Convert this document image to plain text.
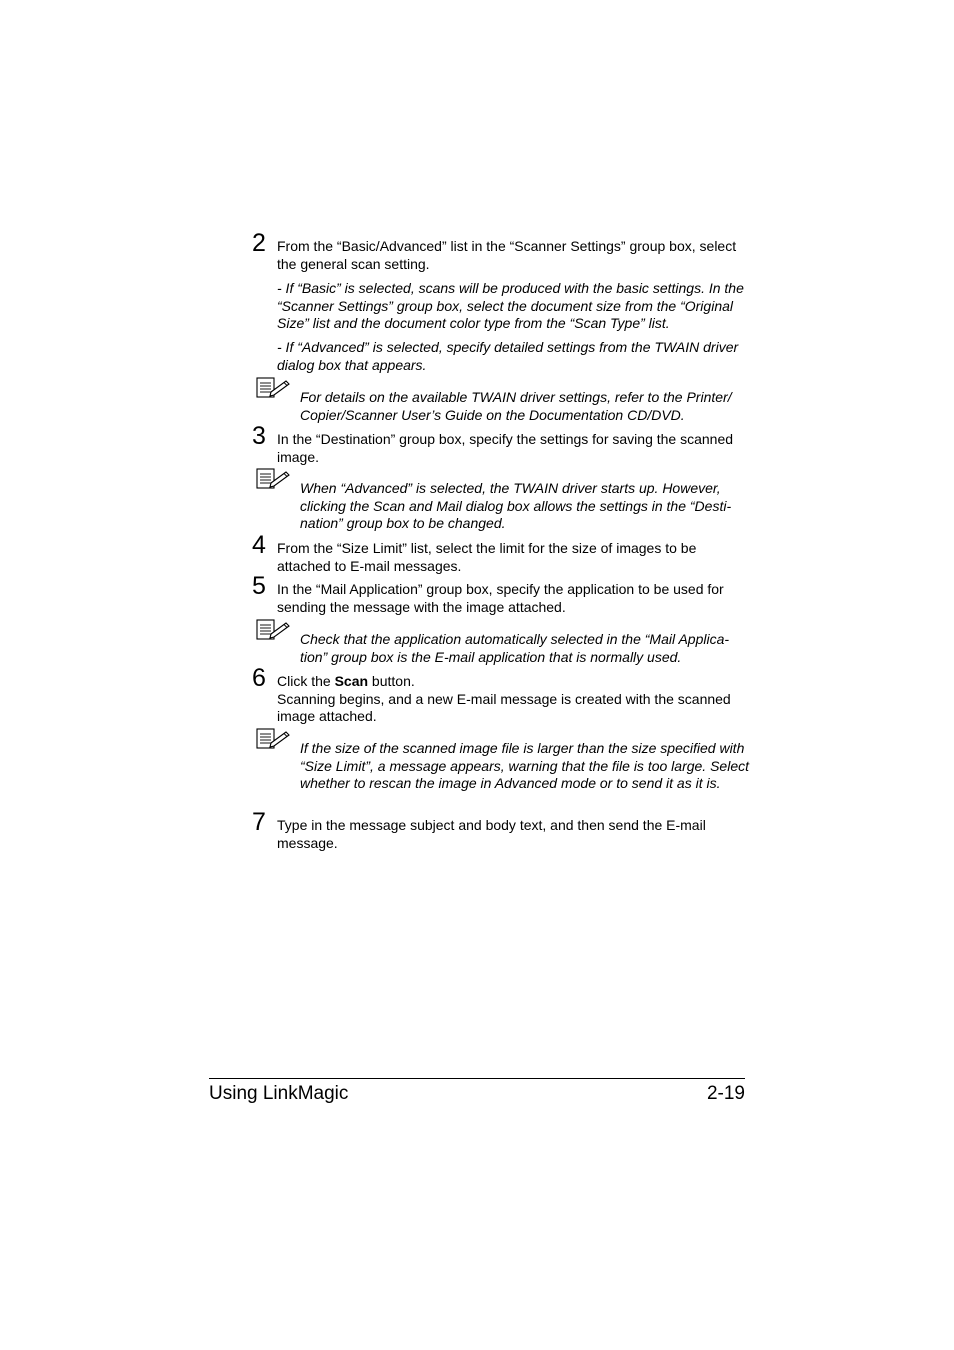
2 From the “Basic/Advanced” list in the “Scanner Settings” group box, select the general scan setting.
- If “Basic” is selected, scans will be produced with the basic settings. In the “Scanner Settings” group box, select the document size from the “Original Size” list and the document color type from the “Scan Type” list.
- If “Advanced” is selected, specify detailed settings from the TWAIN driver dialog box that appears.
For details on the available TWAIN driver settings, refer to the Printer/ Copier/Scanner User’s Guide on the Documentation CD/DVD.
3 In the “Destination” group box, specify the settings for saving the scanned image.
When “Advanced” is selected, the TWAIN driver starts up. However, clicking the Scan and Mail dialog box allows the settings in the “Desti- nation” group box to be changed.
4 From the “Size Limit” list, select the limit for the size of images to be attached to E-mail messages.
5 In the “Mail Application” group box, specify the application to be used for sending the message with the image attached.
Check that the application automatically selected in the “Mail Applica- tion” group box is the E-mail application that is normally used.
6 Click the Scan button.
Scanning begins, and a new E-mail message is created with the scanned image attached.
If the size of the scanned image file is larger than the size specified with “Size Limit”, a message appears, warning that the file is too large. Select whether to rescan the image in Advanced mode or to send it as it is.
7 Type in the message subject and body text, and then send the E-mail message.
Using LinkMagic	2-19
